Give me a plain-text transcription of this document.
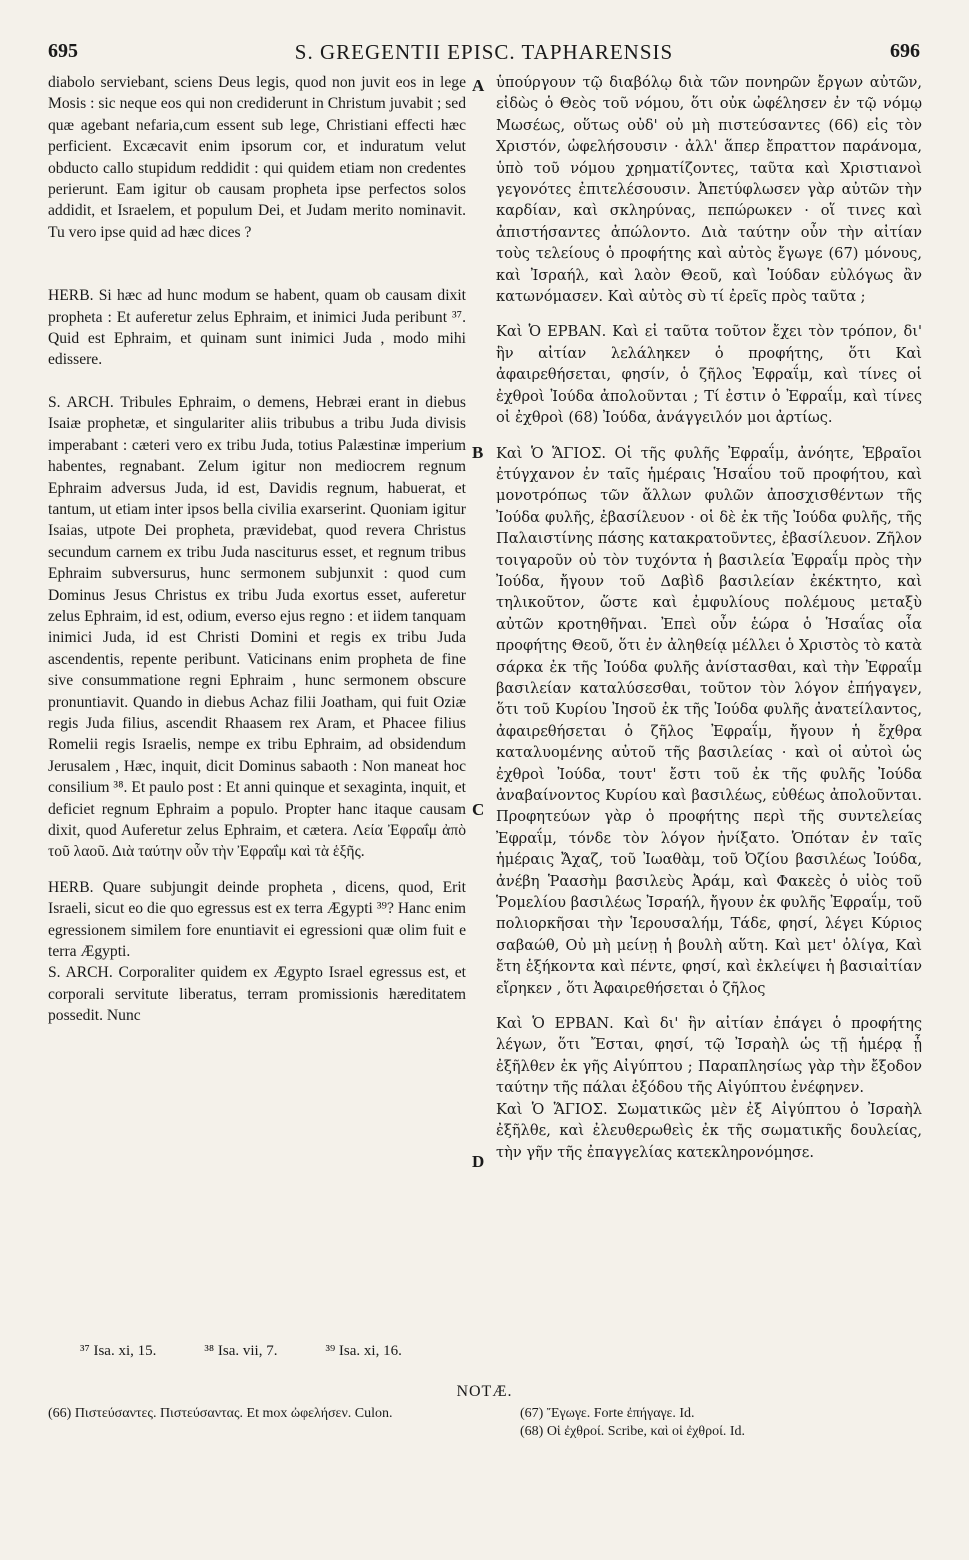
695	S. GREGENTII EPISC. TAPHARENSIS	696
A
B
C
D

diabolo serviebant, sciens Deus legis, quod non juvit eos in lege Mosis : sic neque eos qui non crediderunt in Christum juvabit ; sed quæ agebant nefaria,cum essent sub lege, Christiani effecti hæc perficient. Excæcavit enim ipsorum cor, et induratum velut obducto callo stupidum reddidit : qui quidem etiam non credentes perierunt. Eam igitur ob causam propheta ipse perfectos solos addidit, et Israelem, et populum Dei, et Judam merito nominavit. Tu vero ipse quid ad hæc dices ?

HERB. Si hæc ad hunc modum se habent, quam ob causam dixit propheta : Et auferetur zelus Ephraim, et inimici Juda peribunt ³⁷. Quid est Ephraim, et quinam sunt inimici Juda , modo mihi edissere.

S. ARCH. Tribules Ephraim, o demens, Hebræi erant in diebus Isaiæ prophetæ, et singulariter aliis tribubus a tribu Juda divisis imperabant : cæteri vero ex tribu Juda, totius Palæstinæ imperium habentes, regnabant. Zelum igitur non mediocrem regnum Ephraim adversus Juda, id est, Davidis regnum, habuerat, et tantum, ut etiam inter ipsos bella civilia exarserint. Quoniam igitur Isaias, utpote Dei propheta, prævidebat, quod revera Christus secundum carnem ex tribu Juda nasciturus esset, et regnum tribus Ephraim subversurus, hunc sermonem subjunxit : quod cum Dominus Jesus Christus ex tribu Juda exortus esset, auferetur zelus Ephraim, id est, odium, everso ejus regno : et iidem tanquam inimici Juda, id est Christi Domini et regis ex tribu Juda ascendentis, repente peribunt. Vaticinans enim propheta de fine sive consummatione regni Ephraim , hunc sermonem obscure pronuntiavit. Quando in diebus Achaz filii Joatham, qui fuit Oziæ regis Juda filius, ascendit Rhaasem rex Aram, et Phacee filius Romelii regis Israelis, nempe ex tribu Ephraim, ad obsidendum Jerusalem , Hæc, inquit, dicit Dominus sabaoth : Non maneat hoc consilium ³⁸. Et paulo post : Et anni quinque et sexaginta, inquit, et deficiet regnum Ephraim a populo. Propter hanc itaque causam dixit, quod Auferetur zelus Ephraim, et cætera. Λεία Ἐφραΐμ ἀπὸ τοῦ λαοῦ. Διὰ ταύτην οὖν τὴν Ἐφραΐμ καὶ τὰ ἑξῆς.

HERB. Quare subjungit deinde propheta , dicens, quod, Erit Israeli, sicut eo die quo egressus est ex terra Ægypti ³⁹? Hanc enim egressionem similem fore enuntiavit ei egressioni quæ olim fuit e terra Ægypti.

S. ARCH. Corporaliter quidem ex Ægypto Israel egressus est, et corporali servitute liberatus, terram promissionis hæreditatem possedit. Nunc

ὑπούργουν τῷ διαβόλῳ διὰ τῶν πονηρῶν ἔργων αὐτῶν, εἰδὼς ὁ Θεὸς τοῦ νόμου, ὅτι οὐκ ὠφέλησεν ἐν τῷ νόμῳ Μωσέως, οὕτως οὐδ' οὐ μὴ πιστεύσαντες (66) εἰς τὸν Χριστόν, ὠφελήσουσιν · ἀλλ' ἅπερ ἔπραττον παράνομα, ὑπὸ τοῦ νόμου χρηματίζοντες, ταῦτα καὶ Χριστιανοὶ γεγονότες ἐπιτελέσουσιν. Ἀπετύφλωσεν γὰρ αὐτῶν τὴν καρδίαν, καὶ σκληρύνας, πεπώρωκεν · οἵ τινες καὶ ἀπιστήσαντες ἀπώλοντο. Διὰ ταύτην οὖν τὴν αἰτίαν τοὺς τελείους ὁ προφήτης καὶ αὐτὸς ἔγωγε (67) μόνους, καὶ Ἰσραήλ, καὶ λαὸν Θεοῦ, καὶ Ἰούδαν εὐλόγως ἂν κατωνόμασεν. Καὶ αὐτὸς σὺ τί ἐρεῖς πρὸς ταῦτα ;

Καὶ Ὁ ΕΡΒΑΝ. Καὶ εἰ ταῦτα τοῦτον ἔχει τὸν τρόπον, δι' ἣν αἰτίαν λελάληκεν ὁ προφήτης, ὅτι Καὶ ἀφαιρεθήσεται, φησίν, ὁ ζῆλος Ἐφραΐμ, καὶ τίνες οἱ ἐχθροὶ Ἰούδα ἀπολοῦνται ; Τί ἐστιν ὁ Ἐφραΐμ, καὶ τίνες οἱ ἐχθροὶ (68) Ἰούδα, ἀνάγγειλόν μοι ἀρτίως.

Καὶ Ὁ ἍΓΙΟΣ. Οἱ τῆς φυλῆς Ἐφραΐμ, ἀνόητε, Ἑβραῖοι ἐτύγχανον ἐν ταῖς ἡμέραις Ἡσαΐου τοῦ προφήτου, καὶ μονοτρόπως τῶν ἄλλων φυλῶν ἀποσχισθέντων τῆς Ἰούδα φυλῆς, ἐβασίλευον · οἱ δὲ ἐκ τῆς Ἰούδα φυλῆς, τῆς Παλαιστίνης πάσης κατακρατοῦντες, ἐβασίλευον. Ζῆλον τοιγαροῦν οὐ τὸν τυχόντα ἡ βασιλεία Ἐφραΐμ πρὸς τὴν Ἰούδα, ἤγουν τοῦ Δαβὶδ βασιλείαν ἐκέκτητο, καὶ τηλικοῦτον, ὥστε καὶ ἐμφυλίους πολέμους μεταξὺ αὐτῶν κροτηθῆναι. Ἐπεὶ οὖν ἑώρα ὁ Ἡσαΐας οἷα προφήτης Θεοῦ, ὅτι ἐν ἀληθείᾳ μέλλει ὁ Χριστὸς τὸ κατὰ σάρκα ἐκ τῆς Ἰούδα φυλῆς ἀνίστασθαι, καὶ τὴν Ἐφραΐμ βασιλείαν καταλύσεσθαι, τοῦτον τὸν λόγον ἐπήγαγεν, ὅτι τοῦ Κυρίου Ἰησοῦ ἐκ τῆς Ἰούδα φυλῆς ἀνατείλαντος, ἀφαιρεθήσεται ὁ ζῆλος Ἐφραΐμ, ἤγουν ἡ ἔχθρα καταλυομένης αὐτοῦ τῆς βασιλείας · καὶ οἱ αὐτοὶ ὡς ἐχθροὶ Ἰούδα, τουτ' ἔστι τοῦ ἐκ τῆς φυλῆς Ἰούδα ἀναβαίνοντος Κυρίου καὶ βασιλέως, εὐθέως ἀπολοῦνται. Προφητεύων γὰρ ὁ προφήτης περὶ τῆς συντελείας Ἐφραΐμ, τόνδε τὸν λόγον ἠνίξατο. Ὁπόταν ἐν ταῖς ἡμέραις Ἄχαζ, τοῦ Ἰωαθὰμ, τοῦ Ὀζίου βασιλέως Ἰούδα, ἀνέβη Ῥαασὴμ βασιλεὺς Ἀράμ, καὶ Φακεὲς ὁ υἱὸς τοῦ Ῥομελίου βασιλέως Ἰσραήλ, ἤγουν ἐκ φυλῆς Ἐφραΐμ, τοῦ πολιορκῆσαι τὴν Ἱερουσαλήμ, Τάδε, φησί, λέγει Κύριος σαβαώθ, Οὐ μὴ μείνῃ ἡ βουλὴ αὕτη. Καὶ μετ' ὀλίγα, Καὶ ἔτη ἑξήκοντα καὶ πέντε, φησί, καὶ ἐκλείψει ἡ βασιαἰτίαν εἴρηκεν , ὅτι Ἀφαιρεθήσεται ὁ ζῆλος

Καὶ Ὁ ΕΡΒΑΝ. Καὶ δι' ἣν αἰτίαν ἐπάγει ὁ προφήτης λέγων, ὅτι Ἔσται, φησί, τῷ Ἰσραὴλ ὡς τῇ ἡμέρᾳ ᾗ ἐξῆλθεν ἐκ γῆς Αἰγύπτου ; Παραπλησίως γὰρ τὴν ἔξοδον ταύτην τῆς πάλαι ἐξόδου τῆς Αἰγύπτου ἐνέφηνεν.

Καὶ Ὁ ἍΓΙΟΣ. Σωματικῶς μὲν ἐξ Αἰγύπτου ὁ Ἰσραὴλ ἐξῆλθε, καὶ ἐλευθερωθεὶς ἐκ τῆς σωματικῆς δουλείας, τὴν γῆν τῆς ἐπαγγελίας κατεκληρονόμησε.

³⁷ Isa. xi, 15.	³⁸ Isa. vii, 7.	³⁹ Isa. xi, 16.
NOTÆ.

(66) Πιστεύσαντες. Πιστεύσαντας. Et mox ὠφελήσεν. Culon.	(67) Ἔγωγε. Forte ἐπήγαγε. Id.

(68) Οἱ ἐχθροί. Scribe, καὶ οἱ ἐχθροί. Id.
